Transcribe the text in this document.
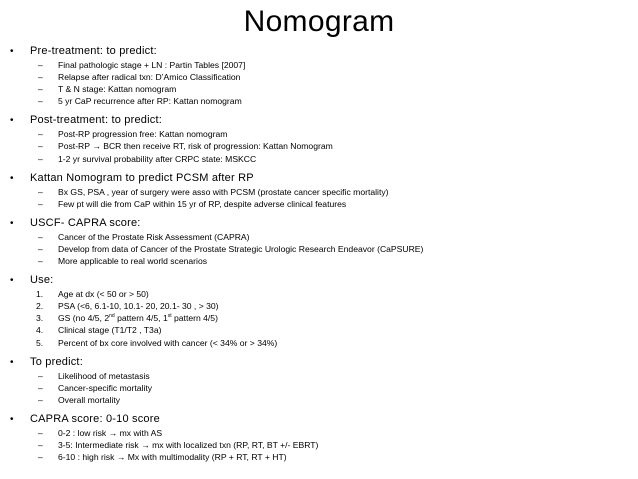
Nomogram
• Pre-treatment: to predict:
– Final pathologic stage + LN : Partin Tables [2007]
– Relapse after radical txn: D’Amico Classification
– T & N stage: Kattan nomogram
– 5 yr CaP recurrence after RP: Kattan nomogram
• Post-treatment: to predict:
– Post-RP progression free: Kattan nomogram
– Post-RP → BCR then receive RT, risk of progression: Kattan Nomogram
– 1-2 yr survival probability after CRPC state: MSKCC
• Kattan Nomogram to predict PCSM after RP
– Bx GS, PSA , year of surgery were asso with PCSM (prostate cancer specific mortality)
– Few pt will die from CaP within 15 yr of RP, despite adverse clinical features
• USCF- CAPRA score:
– Cancer of the Prostate Risk Assessment (CAPRA)
– Develop from data of Cancer of the Prostate Strategic Urologic Research Endeavor (CaPSURE)
– More applicable to real world scenarios
• Use:
1. Age at dx (< 50 or > 50)
2. PSA (<6, 6.1-10, 10.1- 20, 20.1- 30 , > 30)
3. GS (no 4/5, 2nd pattern 4/5, 1st pattern 4/5)
4. Clinical stage (T1/T2 , T3a)
5. Percent of bx core involved with cancer (< 34% or > 34%)
• To predict:
– Likelihood of metastasis
– Cancer-specific mortality
– Overall mortality
• CAPRA score: 0-10 score
– 0-2 : low risk → mx with AS
– 3-5: Intermediate risk → mx with localized txn (RP, RT, BT +/- EBRT)
– 6-10 : high risk → Mx with multimodality (RP + RT, RT + HT)
